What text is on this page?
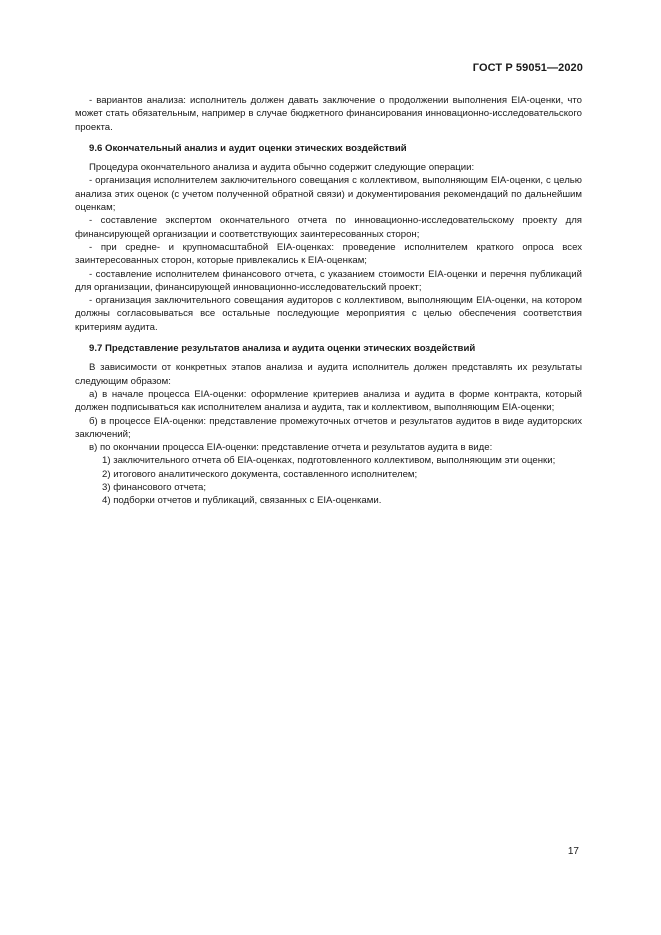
ГОСТ Р 59051—2020

- вариантов анализа: исполнитель должен давать заключение о продолжении выполнения EIA-оценки, что может стать обязательным, например в случае бюджетного финансирования инновационно-исследовательского проекта.

9.6 Окончательный анализ и аудит оценки этических воздействий

Процедура окончательного анализа и аудита обычно содержит следующие операции:

- организация исполнителем заключительного совещания с коллективом, выполняющим EIA-оценки, с целью анализа этих оценок (с учетом полученной обратной связи) и документирования рекомендаций по дальнейшим оценкам;

- составление экспертом окончательного отчета по инновационно-исследовательскому проекту для финансирующей организации и соответствующих заинтересованных сторон;

- при средне- и крупномасштабной EIA-оценках: проведение исполнителем краткого опроса всех заинтересованных сторон, которые привлекались к EIA-оценкам;

- составление исполнителем финансового отчета, с указанием стоимости EIA-оценки и перечня публикаций для организации, финансирующей инновационно-исследовательский проект;

- организация заключительного совещания аудиторов с коллективом, выполняющим EIA-оценки, на котором должны согласовываться все остальные последующие мероприятия с целью обеспечения соответствия критериям аудита.

9.7 Представление результатов анализа и аудита оценки этических воздействий

В зависимости от конкретных этапов анализа и аудита исполнитель должен представлять их результаты следующим образом:

а) в начале процесса EIA-оценки: оформление критериев анализа и аудита в форме контракта, который должен подписываться как исполнителем анализа и аудита, так и коллективом, выполняющим EIA-оценки;

б) в процессе EIA-оценки: представление промежуточных отчетов и результатов аудитов в виде аудиторских заключений;

в) по окончании процесса EIA-оценки: представление отчета и результатов аудита в виде:

1) заключительного отчета об EIA-оценках, подготовленного коллективом, выполняющим эти оценки;

2) итогового аналитического документа, составленного исполнителем;

3) финансового отчета;

4) подборки отчетов и публикаций, связанных с EIA-оценками.

17
